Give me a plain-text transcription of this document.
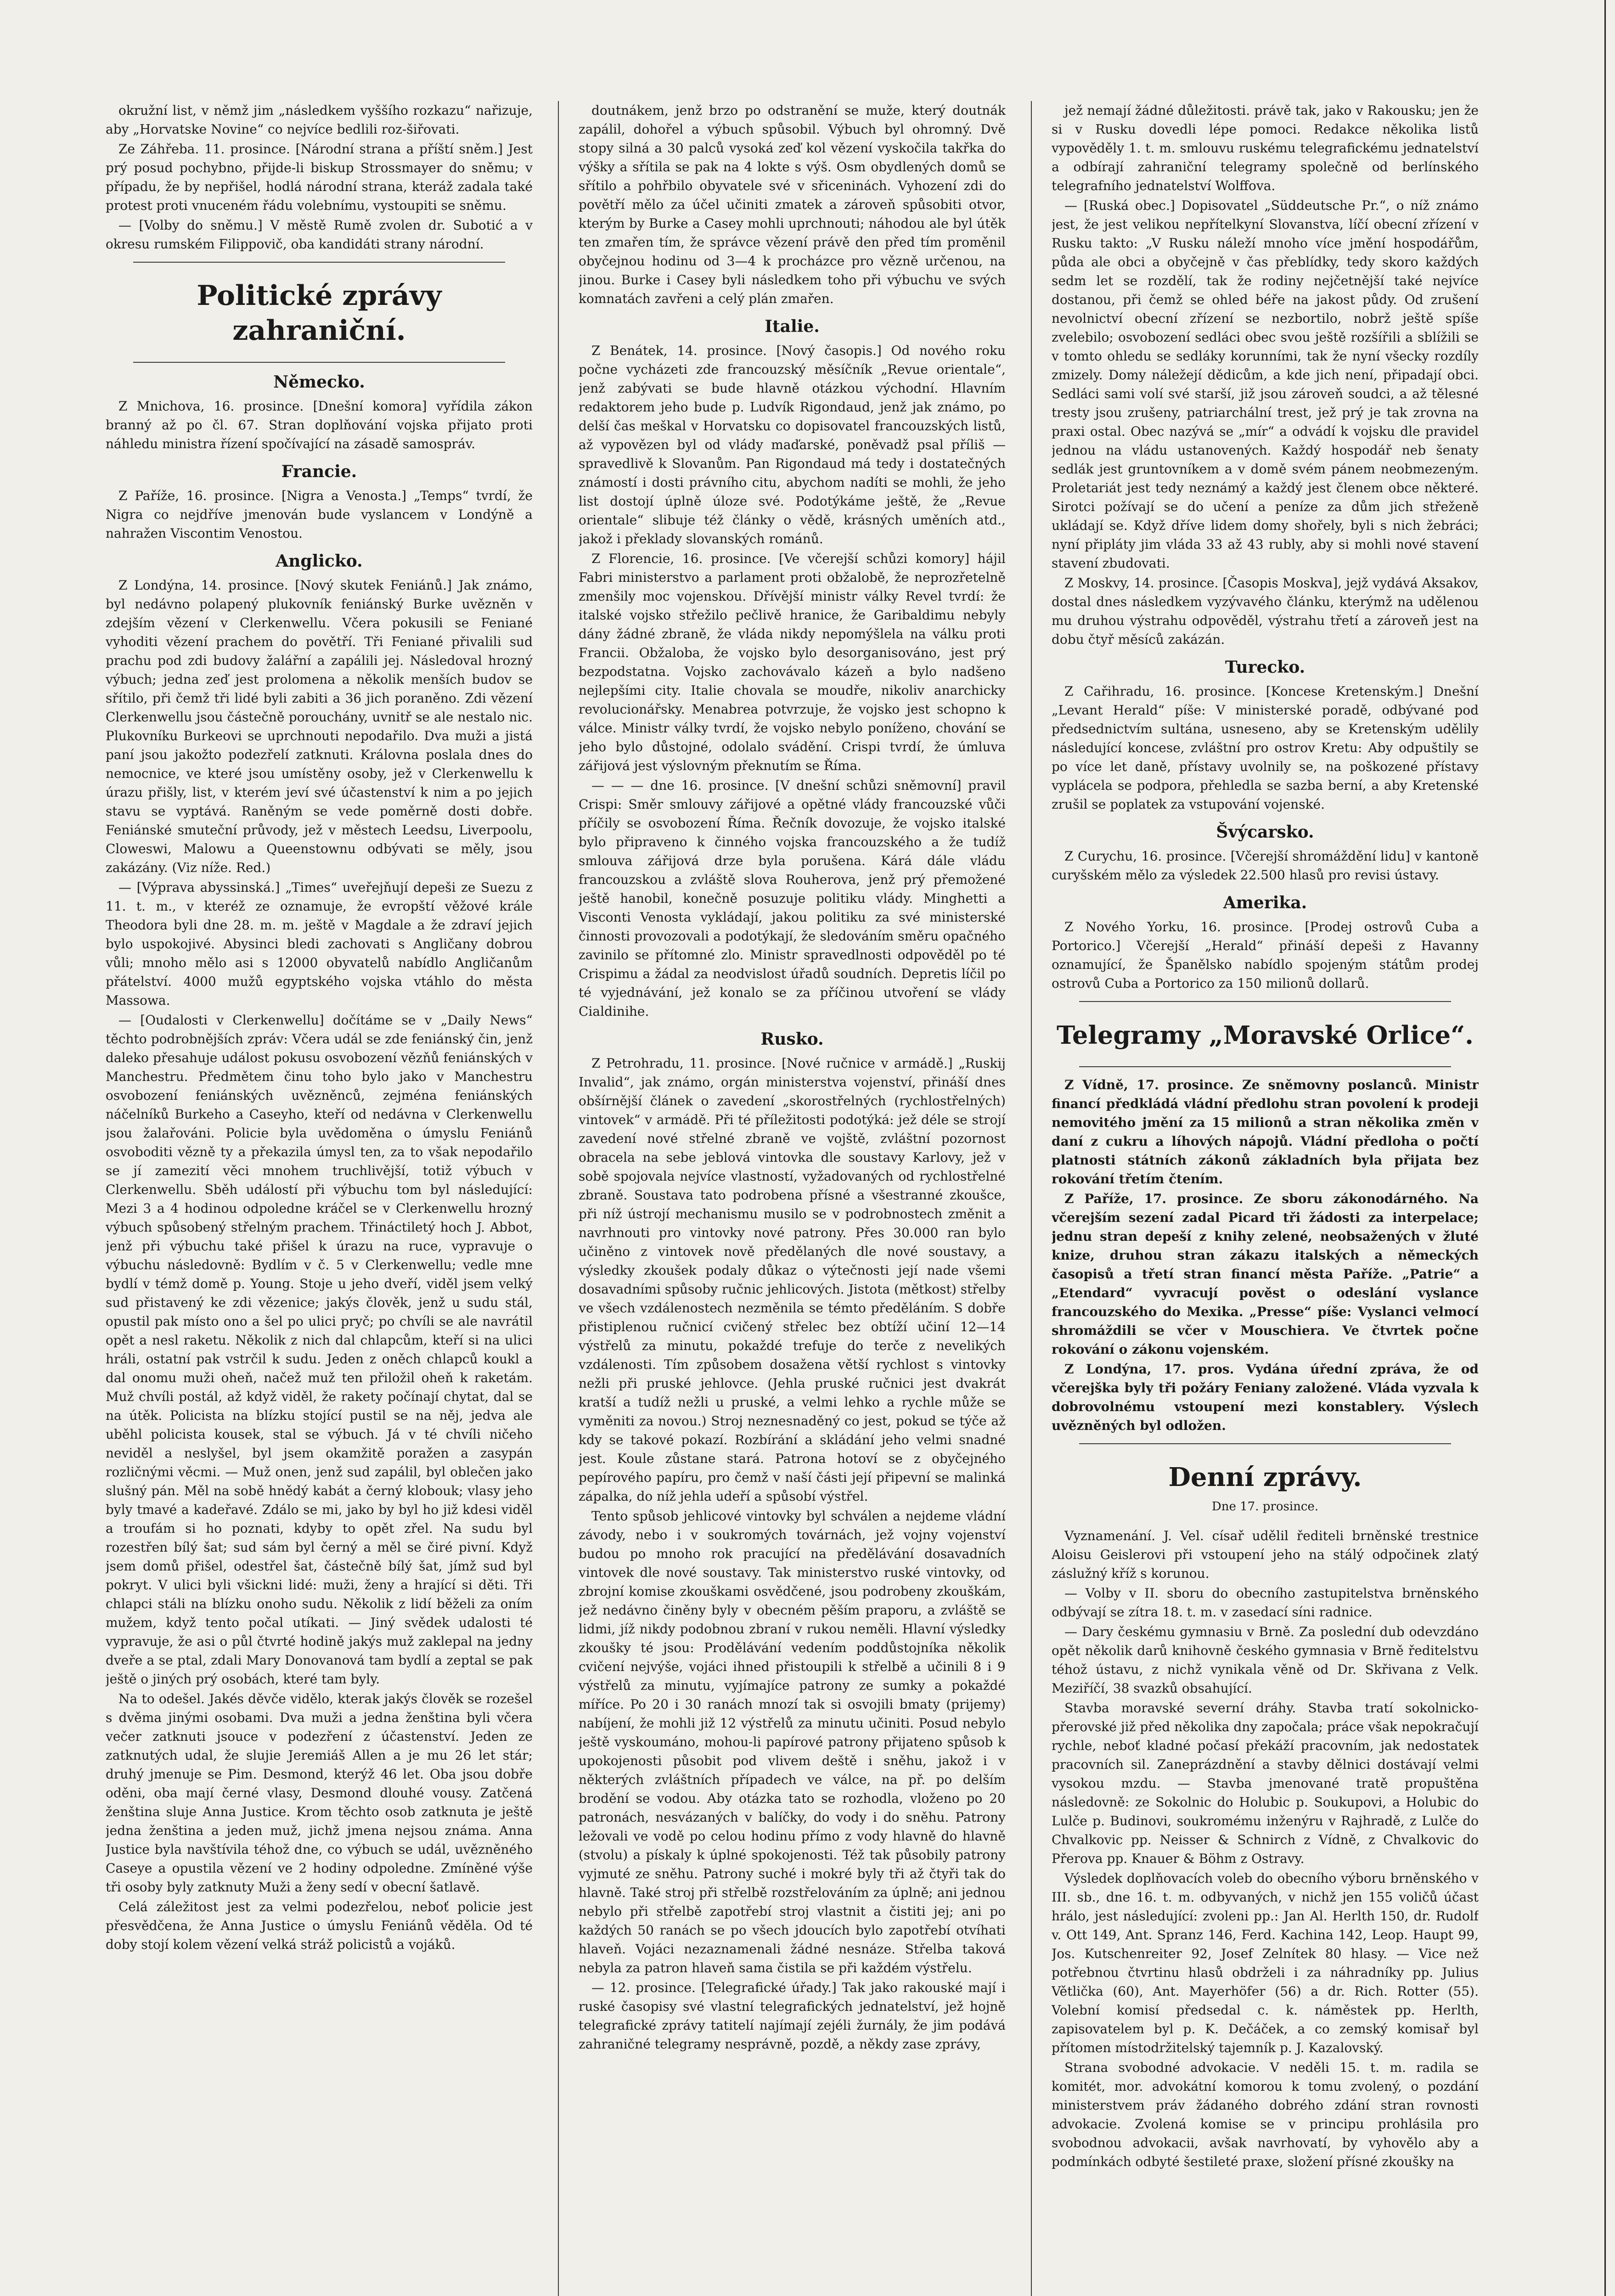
okružní list, v němž jim „následkem vyššího rozkazu“ nařizuje, aby „Horvatske Novine“ co nejvíce bedlili roz-šiřovati.

Ze Záhřeba. 11. prosince. [Národní strana a příští sněm.] Jest prý posud pochybno, přijde-li biskup Strossmayer do sněmu; v případu, že by nepřišel, hodlá národní strana, kteráž zadala také protest proti vnuceném řádu volebnímu, vystoupiti se sněmu.

— [Volby do sněmu.] V městě Rumě zvolen dr. Subotić a v okresu rumském Filippovič, oba kandidáti strany národní.

Politické zprávy zahraniční.
Německo.

Z Mnichova, 16. prosince. [Dnešní komora] vyřídila zákon branný až po čl. 67. Stran doplňování vojska přijato proti náhledu ministra řízení spočívající na zásadě samospráv.

Francie.

Z Paříže, 16. prosince. [Nigra a Venosta.] „Temps“ tvrdí, že Nigra co nejdříve jmenován bude vyslancem v Londýně a nahražen Viscontim Venostou.

Anglicko.

Z Londýna, 14. prosince. [Nový skutek Feniánů.] Jak známo, byl nedávno polapený plukovník feniánský Burke uvězněn v zdejším vězení v Clerkenwellu. Včera pokusili se Feniané vyhoditi vězení prachem do povětří. Tři Feniané přivalili sud prachu pod zdi budovy žalářní a zapálili jej. Následoval hrozný výbuch; jedna zeď jest prolomena a několik menších budov se sřítilo, při čemž tři lidé byli zabiti a 36 jich poraněno. Zdi vězení Clerkenwellu jsou částečně porouchány, uvnitř se ale nestalo nic. Plukovníku Burkeovi se uprchnouti nepodařilo. Dva muži a jistá paní jsou jakožto podezřelí zatknuti. Královna poslala dnes do nemocnice, ve které jsou umístěny osoby, jež v Clerkenwellu k úrazu přišly, list, v kterém jeví své účastenství k nim a po jejich stavu se vyptává. Raněným se vede poměrně dosti dobře. Feniánské smuteční průvody, jež v městech Leedsu, Liverpoolu, Cloweswi, Malowu a Queenstownu odbývati se měly, jsou zakázány. (Viz níže. Red.)

— [Výprava abyssinská.] „Times“ uveřejňují depeši ze Suezu z 11. t. m., v kteréž ze oznamuje, že evropští věžové krále Theodora byli dne 28. m. m. ještě v Magdale a že zdraví jejich bylo uspokojivé. Abysinci bledi zachovati s Angličany dobrou vůli; mnoho mělo asi s 12000 obyvatelů nabídlo Angličanům přátelství. 4000 mužů egyptského vojska vtáhlo do města Massowa.

— [Oudalosti v Clerkenwellu] dočítáme se v „Daily News“ těchto podrobnějších zpráv: Včera udál se zde feniánský čin, jenž daleko přesahuje událost pokusu osvobození vězňů feniánských v Manchestru. Předmětem činu toho bylo jako v Manchestru osvobození feniánských uvězněnců, zejména feniánských náčelníků Burkeho a Caseyho, kteří od nedávna v Clerkenwellu jsou žalařováni. Policie byla uvědoměna o úmyslu Feniánů osvoboditi vězně ty a překazila úmysl ten, za to však nepodařilo se jí zamezití věci mnohem truchlivější, totiž výbuch v Clerkenwellu. Sběh událostí při výbuchu tom byl následující: Mezi 3 a 4 hodinou odpoledne kráčel se v Clerkenwellu hrozný výbuch spůsobený střelným prachem. Třináctiletý hoch J. Abbot, jenž při výbuchu také přišel k úrazu na ruce, vypravuje o výbuchu následovně: Bydlím v č. 5 v Clerkenwellu; vedle mne bydlí v témž domě p. Young. Stoje u jeho dveří, viděl jsem velký sud přistavený ke zdi vězenice; jakýs člověk, jenž u sudu stál, opustil pak místo ono a šel po ulici pryč; po chvíli se ale navrátil opět a nesl raketu. Několik z nich dal chlapcům, kteří si na ulici hráli, ostatní pak vstrčil k sudu. Jeden z oněch chlapců koukl a dal onomu muži oheň, načež muž ten přiložil oheň k raketám. Muž chvíli postál, až když viděl, že rakety počínají chytat, dal se na útěk. Policista na blízku stojící pustil se na něj, jedva ale uběhl policista kousek, stal se výbuch. Já v té chvíli ničeho neviděl a neslyšel, byl jsem okamžitě poražen a zasypán rozličnými věcmi. — Muž onen, jenž sud zapálil, byl oblečen jako slušný pán. Měl na sobě hnědý kabát a černý klobouk; vlasy jeho byly tmavé a kadeřavé. Zdálo se mi, jako by byl ho již kdesi viděl a troufám si ho poznati, kdyby to opět zřel. Na sudu byl rozestřen bílý šat; sud sám byl černý a měl se čiré pivní. Když jsem domů přišel, odestřel šat, částečně bílý šat, jímž sud byl pokryt. V ulici byli všickni lidé: muži, ženy a hrající si děti. Tři chlapci stáli na blízku onoho sudu. Několik z lidí běželi za oním mužem, když tento počal utíkati. — Jiný svědek udalosti té vypravuje, že asi o půl čtvrté hodině jakýs muž zaklepal na jedny dveře a se ptal, zdali Mary Donovanová tam bydlí a zeptal se pak ještě o jiných prý osobách, které tam byly.

Na to odešel. Jakés děvče vidělo, kterak jakýs člověk se rozešel s dvěma jinými osobami. Dva muži a jedna ženština byli včera večer zatknuti jsouce v podezření z účastenství. Jeden ze zatknutých udal, že slujie Jeremiáš Allen a je mu 26 let stár; druhý jmenuje se Pim. Desmond, kterýž 46 let. Oba jsou dobře oděni, oba mají černé vlasy, Desmond dlouhé vousy. Zatčená ženština sluje Anna Justice. Krom těchto osob zatknuta je ještě jedna ženština a jeden muž, jichž jmena nejsou známa. Anna Justice byla navštívila téhož dne, co výbuch se udál, uvězněného Caseye a opustila vězení ve 2 hodiny odpoledne. Zmíněné výše tři osoby byly zatknuty Muži a ženy sedí v obecní šatlavě.

Celá záležitost jest za velmi podezřelou, neboť policie jest přesvědčena, že Anna Justice o úmyslu Feniánů věděla. Od té doby stojí kolem vězení velká stráž policistů a vojáků.

doutnákem, jenž brzo po odstranění se muže, který doutnák zapálil, dohořel a výbuch spůsobil. Výbuch byl ohromný. Dvě stopy silná a 30 palců vysoká zeď kol vězení vyskočila takřka do výšky a sřítila se pak na 4 lokte s výš. Osm obydlených domů se sřítilo a pohřbilo obyvatele své v sřiceninách. Vyhození zdi do povětří mělo za účel učiniti zmatek a zároveň spůsobiti otvor, kterým by Burke a Casey mohli uprchnouti; náhodou ale byl útěk ten zmařen tím, že správce vězení právě den před tím proměnil obyčejnou hodinu od 3—4 k procházce pro vězně určenou, na jinou. Burke i Casey byli následkem toho při výbuchu ve svých komnatách zavřeni a celý plán zmařen.

Italie.

Z Benátek, 14. prosince. [Nový časopis.] Od nového roku počne vycházeti zde francouzský měsíčník „Revue orientale“, jenž zabývati se bude hlavně otázkou východní. Hlavním redaktorem jeho bude p. Ludvík Rigondaud, jenž jak známo, po delší čas meškal v Horvatsku co dopisovatel francouzských listů, až vypovězen byl od vlády maďarské, poněvadž psal příliš — spravedlivě k Slovanům. Pan Rigondaud má tedy i dostatečných známostí i dosti právního citu, abychom nadíti se mohli, že jeho list dostojí úplně úloze své. Podotýkáme ještě, že „Revue orientale“ slibuje též články o vědě, krásných uměních atd., jakož i překlady slovanských románů.

Z Florencie, 16. prosince. [Ve včerejší schůzi komory] hájil Fabri ministerstvo a parlament proti obžalobě, že neprozřetelně zmenšily moc vojenskou. Dřívější ministr války Revel tvrdí: že italské vojsko střežilo pečlivě hranice, že Garibaldimu nebyly dány žádné zbraně, že vláda nikdy nepomýšlela na válku proti Francii. Obžaloba, že vojsko bylo desorganisováno, jest prý bezpodstatna. Vojsko zachovávalo kázeň a bylo nadšeno nejlepšími city. Italie chovala se moudře, nikoliv anarchicky revolucionářsky. Menabrea potvrzuje, že vojsko jest schopno k válce. Ministr války tvrdí, že vojsko nebylo poníženo, chování se jeho bylo důstojné, odolalo svádění. Crispi tvrdí, že úmluva zářijová jest výslovným překnutím se Říma.

— — — dne 16. prosince. [V dnešní schůzi sněmovní] pravil Crispi: Směr smlouvy zářijové a opětné vlády francouzské vůči příčily se osvobození Říma. Řečník dovozuje, že vojsko italské bylo připraveno k činného vojska francouzského a že tudíž smlouva zářijová drze byla porušena. Kárá dále vládu francouzskou a zvláště slova Rouherova, jenž prý přemožené ještě hanobil, konečně posuzuje politiku vlády. Minghetti a Visconti Venosta vykládají, jakou politiku za své ministerské činnosti provozovali a podotýkají, že sledováním směru opačného zavinilo se přítomné zlo. Ministr spravedlnosti odpověděl po té Crispimu a žádal za neodvislost úřadů soudních. Depretis líčil po té vyjednávání, jež konalo se za příčinou utvoření se vlády Cialdinihe.

Rusko.

Z Petrohradu, 11. prosince. [Nové ručnice v armádě.] „Ruskij Invalid“, jak známo, orgán ministerstva vojenství, přináší dnes obšírnější článek o zavedení „skorostřelných (rychlostřelných) vintovek“ v armádě. Při té příležitosti podotýká: jež déle se strojí zavedení nové střelné zbraně ve vojště, zvláštní pozornost obracela na sebe jeblová vintovka dle soustavy Karlovy, jež v sobě spojovala nejvíce vlastností, vyžadovaných od rychlostřelné zbraně. Soustava tato podrobena přísné a všestranné zkoušce, při níž ústrojí mechanismu musilo se v podrobnostech změnit a navrhnouti pro vintovky nové patrony. Přes 30.000 ran bylo učiněno z vintovek nově předělaných dle nové soustavy, a výsledky zkoušek podaly důkaz o výtečnosti její nade všemi dosavadními spůsoby ručnic jehlicových. Jistota (mětkost) střelby ve všech vzdálenostech nezměnila se témto předěláním. S dobře přistiplenou ručnicí cvičený střelec bez obtíží učiní 12—14 výstřelů za minutu, pokaždé trefuje do terče z nevelikých vzdálenosti. Tím způsobem dosažena větší rychlost s vintovky nežli při pruské jehlovce. (Jehla pruské ručnici jest dvakrát kratší a tudíž nežli u pruské, a velmi lehko a rychle může se vyměniti za novou.) Stroj neznesnaděný co jest, pokud se týče až kdy se takové pokazí. Rozbírání a skládání jeho velmi snadné jest. Koule zůstane stará. Patrona hotoví se z obyčejného pepírového papíru, pro čemž v naší části její připevní se malinká zápalka, do níž jehla udeří a spůsobí výstřel.

Tento spůsob jehlicové vintovky byl schválen a nejdeme vládní závody, nebo i v soukromých továrnách, jež vojny vojenství budou po mnoho rok pracující na předělávání dosavadních vintovek dle nové soustavy. Tak ministerstvo ruské vintovky, od zbrojní komise zkouškami osvědčené, jsou podrobeny zkouškám, jež nedávno činěny byly v obecném pěším praporu, a zvláště se lidmi, jíž nikdy podobnou zbraní v rukou neměli. Hlavní výsledky zkoušky té jsou: Prodělávání vedením poddůstojníka několik cvičení nejvýše, vojáci ihned přistoupili k střelbě a učinili 8 i 9 výstřelů za minutu, vyjímajíce patrony ze sumky a pokaždé míříce. Po 20 i 30 ranách mnozí tak si osvojili bmaty (prijemy) nabíjení, že mohli již 12 výstřelů za minutu učiniti. Posud nebylo ještě vyskoumáno, mohou-li papírové patrony přijateno spůsob k upokojenosti působit pod vlivem deště i sněhu, jakož i v některých zvláštních případech ve válce, na př. po delším brodění se vodou. Aby otázka tato se rozhodla, vloženo po 20 patronách, nesvázaných v balíčky, do vody i do sněhu. Patrony ležovali ve vodě po celou hodinu přímo z vody hlavně do hlavně (stvolu) a pískaly k úplné spokojenosti. Též tak působily patrony vyjmuté ze sněhu. Patrony suché i mokré byly tři až čtyři tak do hlavně. Také stroj při střelbě rozstřelováním za úplně; ani jednou nebylo při střelbě zapotřebí stroj vlastnit a čistiti jej; ani po každých 50 ranách se po všech jdoucích bylo zapotřebí otvíhati hlaveň. Vojáci nezaznamenali žádné nesnáze. Střelba taková nebyla za patron hlaveň sama čistila se při každém výstřelu.

— 12. prosince. [Telegrafické úřady.] Tak jako rakouské mají i ruské časopisy své vlastní telegrafických jednatelství, jež hojně telegrafické zprávy tatitelí najímají zejéli žurnály, že jim podává zahraničné telegramy nesprávně, pozdě, a někdy zase zprávy,

jež nemají žádné důležitosti. právě tak, jako v Rakousku; jen že si v Rusku dovedli lépe pomoci. Redakce několika listů vypověděly 1. t. m. smlouvu ruskému telegrafickému jednatelství a odbírají zahraniční telegramy společně od berlínského telegrafního jednatelství Wolffova.

— [Ruská obec.] Dopisovatel „Süddeutsche Pr.“, o níž známo jest, že jest velikou nepřítelkyní Slovanstva, líčí obecní zřízení v Rusku takto: „V Rusku náleží mnoho více jmění hospodářům, půda ale obci a obyčejně v čas přeblídky, tedy skoro každých sedm let se rozdělí, tak že rodiny nejčetnější také nejvíce dostanou, při čemž se ohled béře na jakost půdy. Od zrušení nevolnictví obecní zřízení se nezbortilo, nobrž ještě spíše zvelebilo; osvobození sedláci obec svou ještě rozšířili a sblížili se v tomto ohledu se sedláky korunními, tak že nyní všecky rozdíly zmizely. Domy náležejí dědicům, a kde jich není, připadají obci. Sedláci sami volí své starší, již jsou zároveň soudci, a až tělesné tresty jsou zrušeny, patriarchální trest, jež prý je tak zrovna na praxi ostal. Obec nazývá se „mír“ a odvádí k vojsku dle pravidel jednou na vládu ustanovených. Každý hospodář neb šenaty sedlák jest gruntovníkem a v domě svém pánem neobmezeným. Proletariát jest tedy neznámý a každý jest členem obce některé. Sirotci požívají se do učení a peníze za dům jich střeženě ukládají se. Když dříve lidem domy shořely, byli s nich žebráci; nyní připláty jim vláda 33 až 43 rubly, aby si mohli nové stavení stavení zbudovati.

Z Moskvy, 14. prosince. [Časopis Moskva], jejž vydává Aksakov, dostal dnes následkem vyzývavého článku, kterýmž na udělenou mu druhou výstrahu odpověděl, výstrahu třetí a zároveň jest na dobu čtyř měsíců zakázán.

Turecko.

Z Cařihradu, 16. prosince. [Koncese Kretenským.] Dnešní „Levant Herald“ píše: V ministerské poradě, odbývané pod předsednictvím sultána, usneseno, aby se Kretenským udělily následující koncese, zvláštní pro ostrov Kretu: Aby odpuštily se po více let daně, přístavy uvolnily se, na poškozené přístavy vyplácela se podpora, přehledla se sazba berní, a aby Kretenské zrušil se poplatek za vstupování vojenské.

Švýcarsko.

Z Curychu, 16. prosince. [Včerejší shromáždění lidu] v kantoně curyšském mělo za výsledek 22.500 hlasů pro revisi ústavy.

Amerika.

Z Nového Yorku, 16. prosince. [Prodej ostrovů Cuba a Portorico.] Včerejší „Herald“ přináší depeši z Havanny oznamující, že Španělsko nabídlo spojeným státům prodej ostrovů Cuba a Portorico za 150 milionů dollarů.

Telegramy „Moravské Orlice“.

Z Vídně, 17. prosince. Ze sněmovny poslanců. Ministr financí předkládá vládní předlohu stran povolení k prodeji nemovitého jmění za 15 milionů a stran několika změn v daní z cukru a líhových nápojů. Vládní předloha o počtí platnosti státních zákonů základních byla přijata bez rokování třetím čtením.

Z Paříže, 17. prosince. Ze sboru zákonodárného. Na včerejším sezení zadal Picard tři žádosti za interpelace; jednu stran depeší z knihy zelené, neobsažených v žluté knize, druhou stran zákazu italských a německých časopisů a třetí stran financí města Paříže. „Patrie“ a „Etendard“ vyvracují pověst o odeslání vyslance francouzského do Mexika. „Presse“ píše: Vyslanci velmocí shromáždili se včer v Mouschiera. Ve čtvrtek počne rokování o zákonu vojenském.

Z Londýna, 17. pros. Vydána úřední zpráva, že od včerejška byly tři požáry Feniany založené. Vláda vyzvala k dobrovolnému vstoupení mezi konstablery. Výslech uvězněných byl odložen.

Denní zprávy.
Dne 17. prosince.

Vyznamenání. J. Vel. císař udělil řediteli brněnské trestnice Aloisu Geislerovi při vstoupení jeho na stálý odpočinek zlatý záslužný kříž s korunou.

— Volby v II. sboru do obecního zastupitelstva brněnského odbývají se zítra 18. t. m. v zasedací síni radnice.

— Dary českému gymnasiu v Brně. Za poslední dub odevzdáno opět několik darů knihovně českého gymnasia v Brně ředitelstvu téhož ústavu, z nichž vynikala věně od Dr. Skřivana z Velk. Meziříčí, 38 svazků obsahující.

Stavba moravské severní dráhy. Stavba tratí sokolnicko-přerovské již před několika dny započala; práce však nepokračují rychle, neboť kladné počasí překáží pracovním, jak nedostatek pracovních sil. Zaneprázdnění a stavby dělnici dostávají velmi vysokou mzdu. — Stavba jmenované tratě propuštěna následovně: ze Sokolnic do Holubic p. Soukupovi, a Holubic do Lulče p. Budinovi, soukromému inženýru v Rajhradě, z Lulče do Chvalkovic pp. Neisser & Schnirch z Vídně, z Chvalkovic do Přerova pp. Knauer & Böhm z Ostravy.

Výsledek doplňovacích voleb do obecního výboru brněnského v III. sb., dne 16. t. m. odbyvaných, v nichž jen 155 voličů účast hrálo, jest následující: zvoleni pp.: Jan Al. Herlth 150, dr. Rudolf v. Ott 149, Ant. Spranz 146, Ferd. Kachina 142, Leop. Haupt 99, Jos. Kutschenreiter 92, Josef Zelnítek 80 hlasy. — Vice než potřebnou čtvrtinu hlasů obdrželi i za náhradníky pp. Julius Větlička (60), Ant. Mayerhöfer (56) a dr. Rich. Rotter (55). Volební komisí předsedal c. k. náměstek pp. Herlth, zapisovatelem byl p. K. Dečáček, a co zemský komisař byl přítomen místodržitelský tajemník p. J. Kazalovský.

Strana svobodné advokacie. V neděli 15. t. m. radila se komitét, mor. advokátní komorou k tomu zvolený, o pozdání ministerstvem práv žádaného dobrého zdání stran rovnosti advokacie. Zvolená komise se v principu prohlásila pro svobodnou advokacii, avšak navrhovatí, by vyhovělo aby a podmínkách odbyté šestileté praxe, složení přísné zkoušky na
